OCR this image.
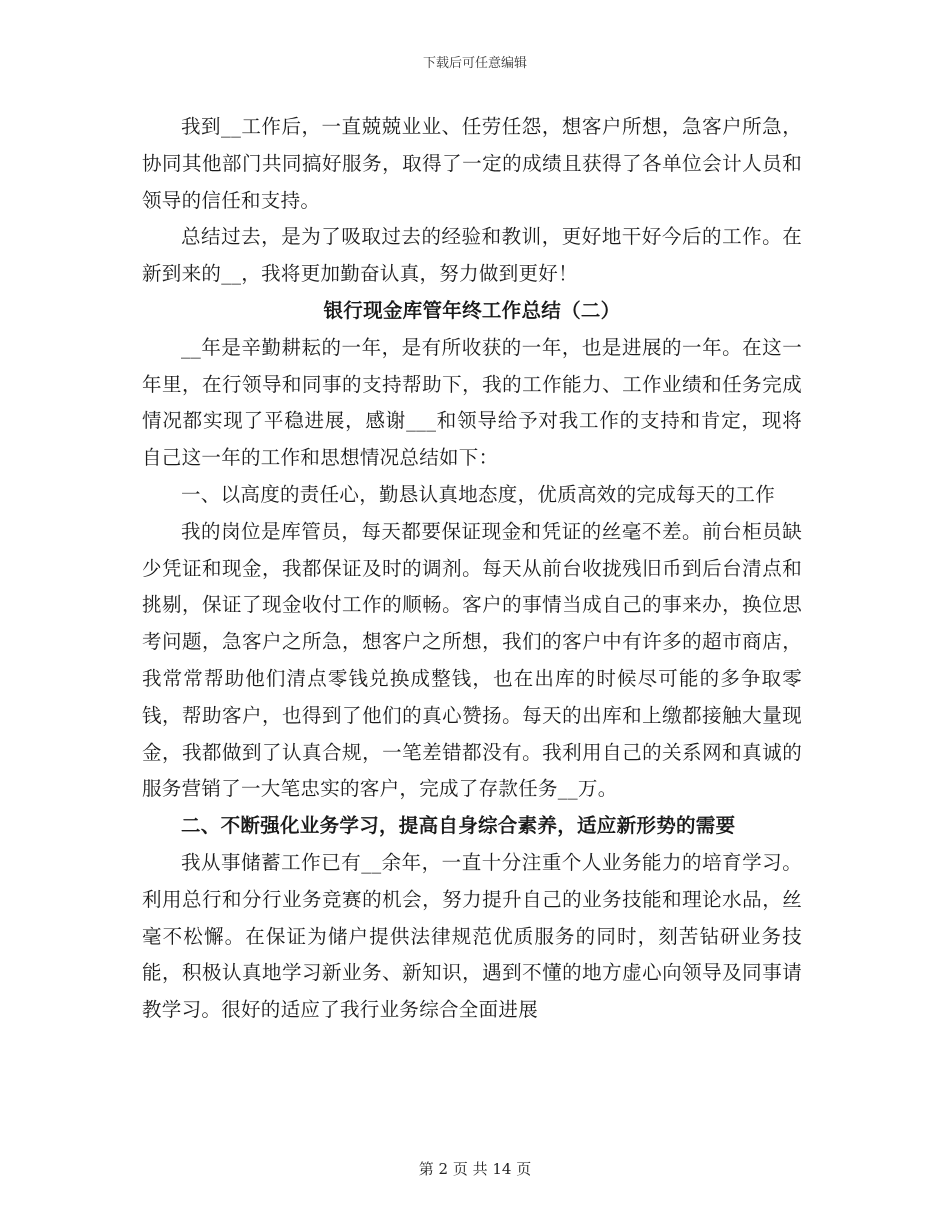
下载后可任意编辑

我到__工作后，一直兢兢业业、任劳任怨，想客户所想，急客户所急，协同其他部门共同搞好服务，取得了一定的成绩且获得了各单位会计人员和领导的信任和支持。

总结过去，是为了吸取过去的经验和教训，更好地干好今后的工作。在新到来的__，我将更加勤奋认真，努力做到更好！

银行现金库管年终工作总结（二）

__年是辛勤耕耘的一年，是有所收获的一年，也是进展的一年。在这一年里，在行领导和同事的支持帮助下，我的工作能力、工作业绩和任务完成情况都实现了平稳进展，感谢___和领导给予对我工作的支持和肯定，现将自己这一年的工作和思想情况总结如下：

一、以高度的责任心，勤恳认真地态度，优质高效的完成每天的工作

我的岗位是库管员，每天都要保证现金和凭证的丝毫不差。前台柜员缺少凭证和现金，我都保证及时的调剂。每天从前台收拢残旧币到后台清点和挑剔，保证了现金收付工作的顺畅。客户的事情当成自己的事来办，换位思考问题，急客户之所急，想客户之所想，我们的客户中有许多的超市商店，我常常帮助他们清点零钱兑换成整钱，也在出库的时候尽可能的多争取零钱，帮助客户，也得到了他们的真心赞扬。每天的出库和上缴都接触大量现金，我都做到了认真合规，一笔差错都没有。我利用自己的关系网和真诚的服务营销了一大笔忠实的客户，完成了存款任务__万。

二、不断强化业务学习，提高自身综合素养，适应新形势的需要

我从事储蓄工作已有__余年，一直十分注重个人业务能力的培育学习。利用总行和分行业务竞赛的机会，努力提升自己的业务技能和理论水品，丝毫不松懈。在保证为储户提供法律规范优质服务的同时，刻苦钻研业务技能，积极认真地学习新业务、新知识，遇到不懂的地方虚心向领导及同事请教学习。很好的适应了我行业务综合全面进展

第 2 页 共 14 页
